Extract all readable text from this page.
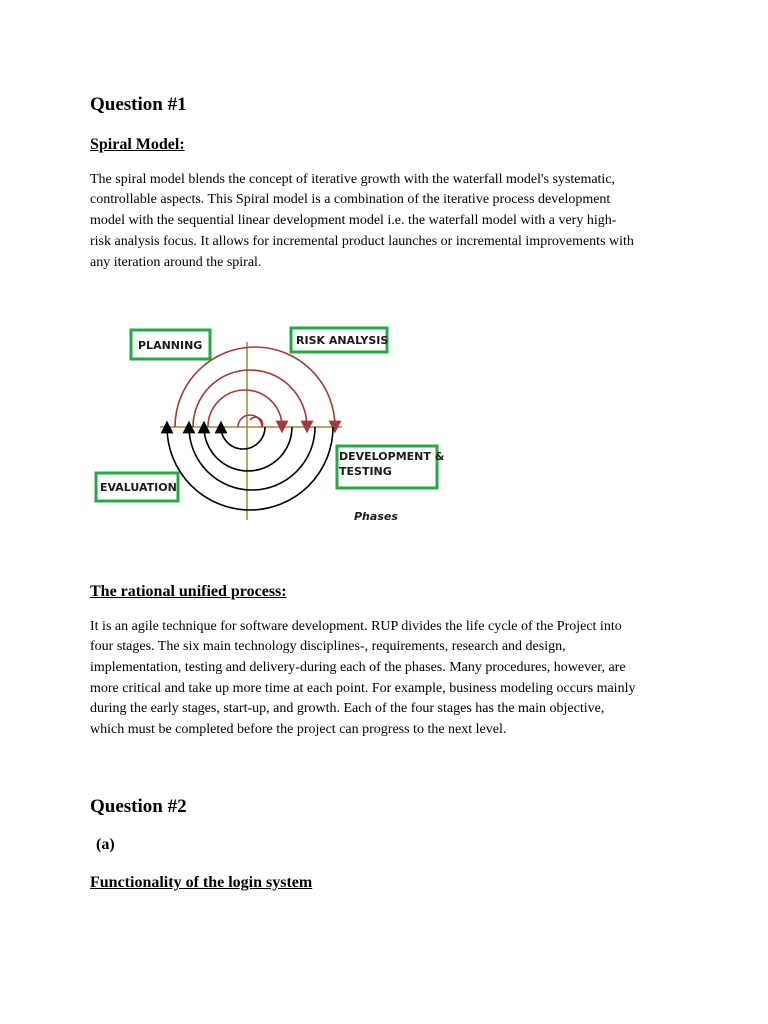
Question #1
Spiral Model:
The spiral model blends the concept of iterative growth with the waterfall model's systematic,
controllable aspects. This Spiral model is a combination of the iterative process development
model with the sequential linear development model i.e. the waterfall model with a very high-
risk analysis focus. It allows for incremental product launches or incremental improvements with
any iteration around the spiral.
PLANNING	RISK ANALYSIS
DEVELOPMENT &
TESTING
EVALUATION
Phases
The rational unified process:
It is an agile technique for software development. RUP divides the life cycle of the Project into
four stages. The six main technology disciplines-, requirements, research and design,
implementation, testing and delivery-during each of the phases. Many procedures, however, are
more critical and take up more time at each point. For example, business modeling occurs mainly
during the early stages, start-up, and growth. Each of the four stages has the main objective,
which must be completed before the project can progress to the next level.
Question #2
(a)
Functionality of the login system
